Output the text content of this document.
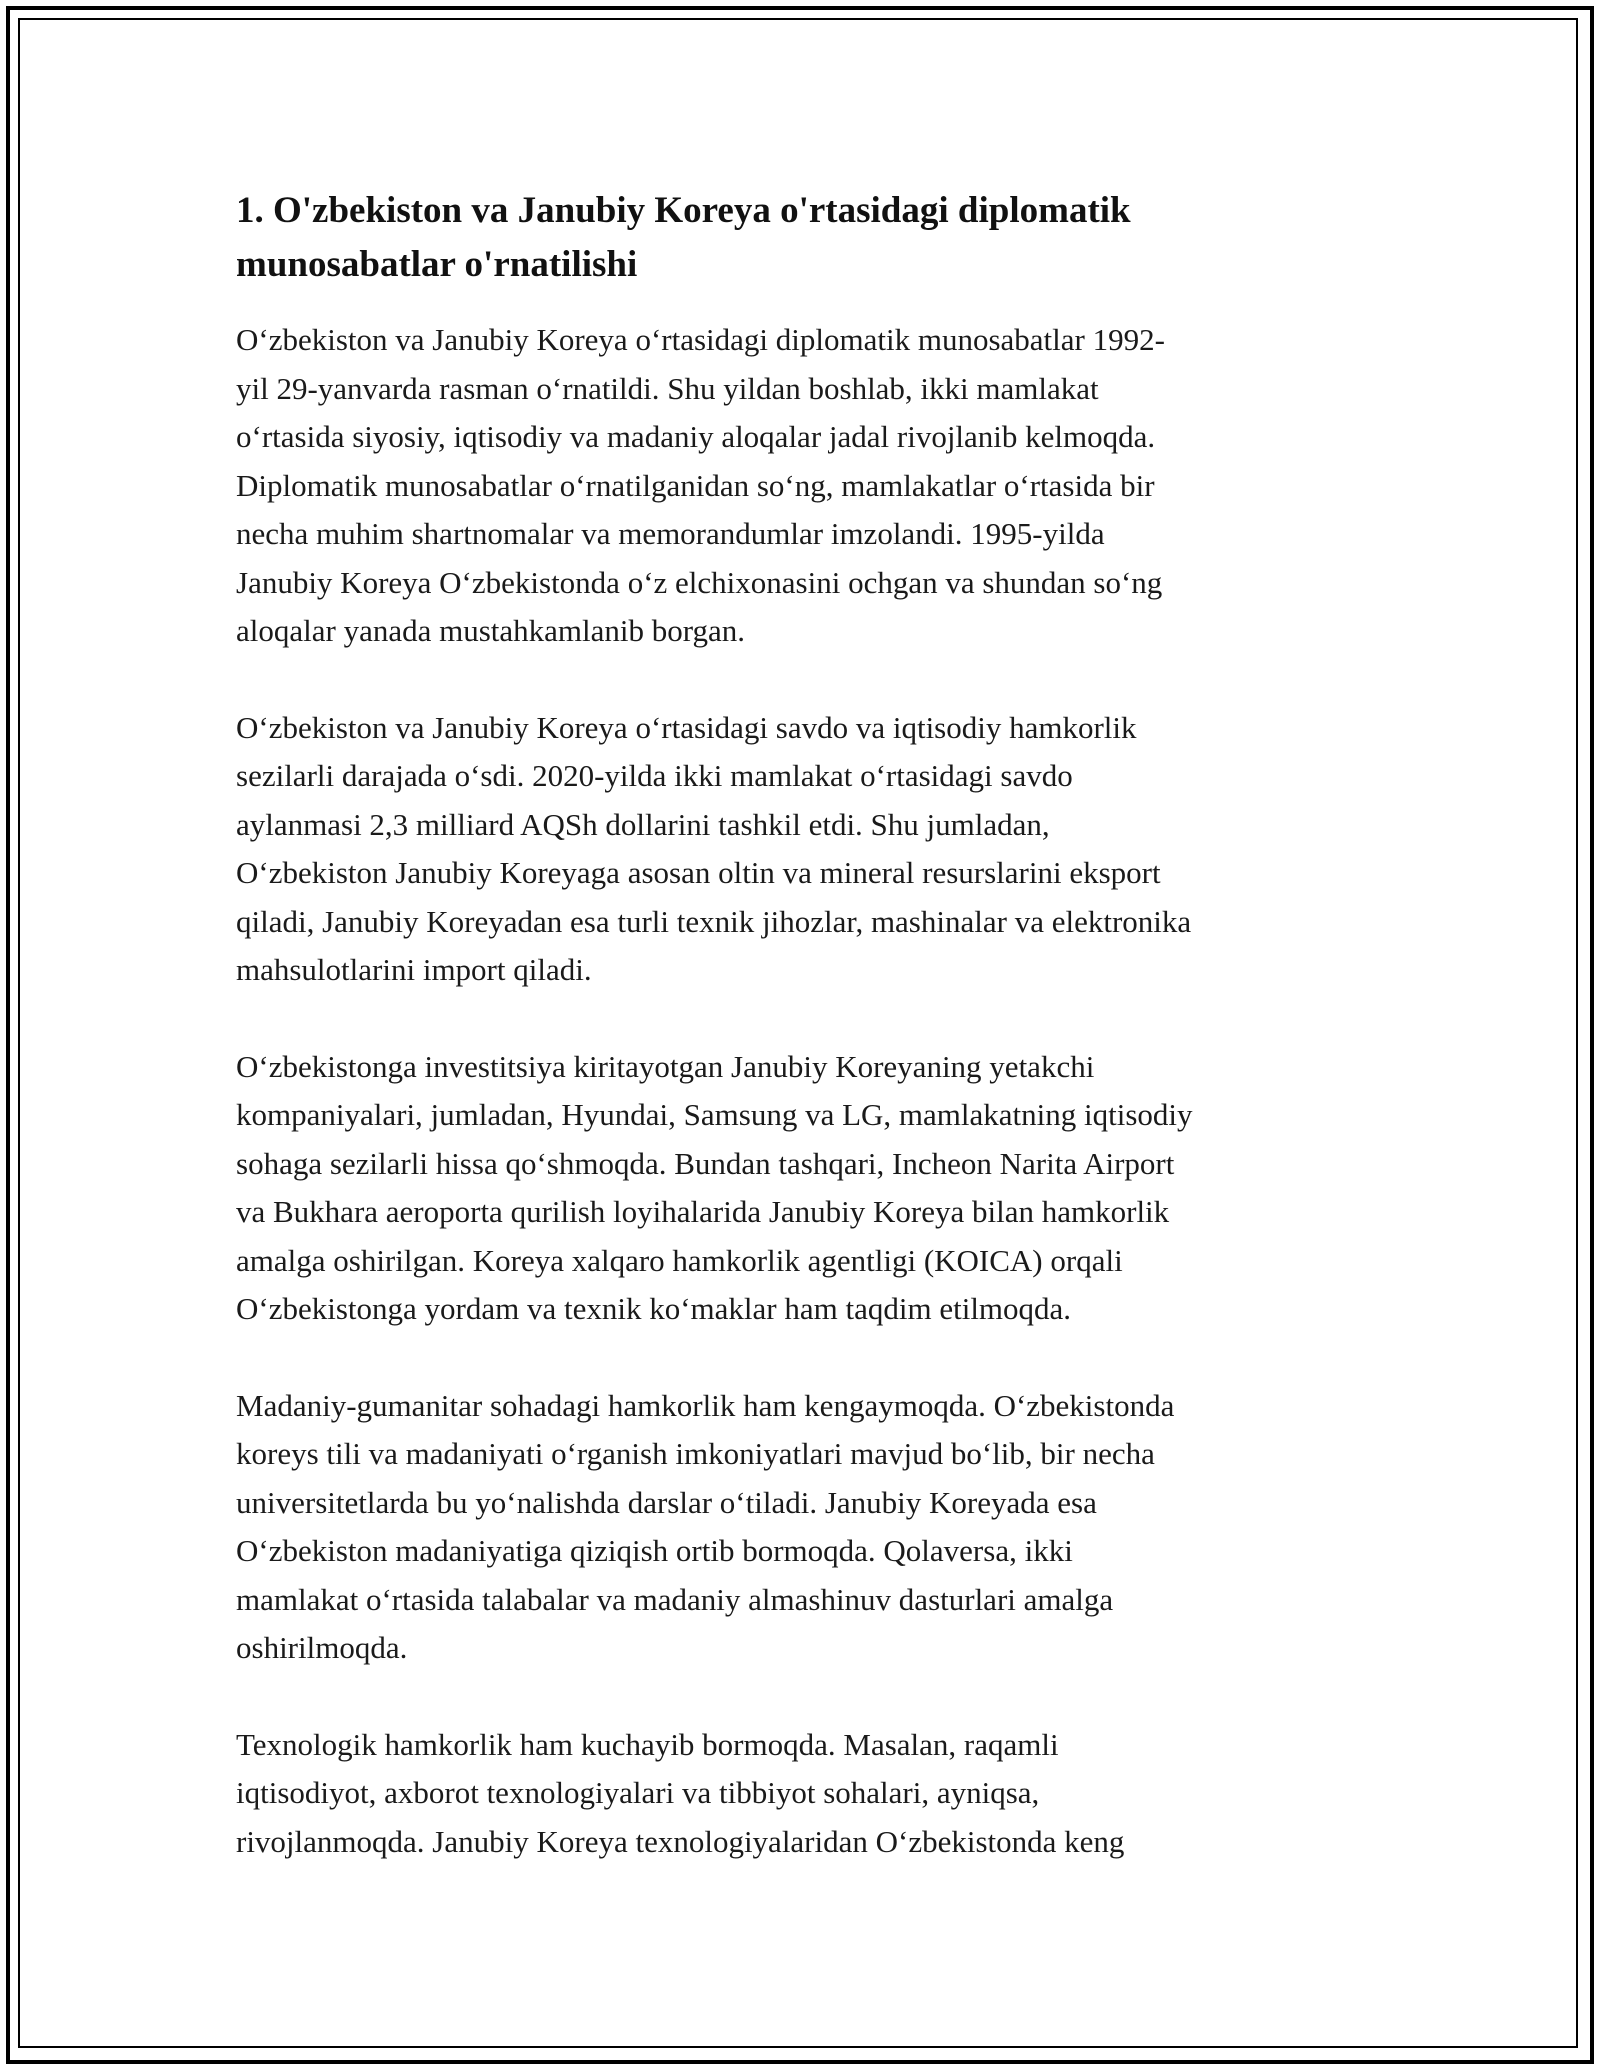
1. O'zbekiston va Janubiy Koreya o'rtasidagi diplomatik
munosabatlar o'rnatilishi

O‘zbekiston va Janubiy Koreya o‘rtasidagi diplomatik munosabatlar 1992-
yil 29-yanvarda rasman o‘rnatildi. Shu yildan boshlab, ikki mamlakat
o‘rtasida siyosiy, iqtisodiy va madaniy aloqalar jadal rivojlanib kelmoqda.
Diplomatik munosabatlar o‘rnatilganidan so‘ng, mamlakatlar o‘rtasida bir
necha muhim shartnomalar va memorandumlar imzolandi. 1995-yilda
Janubiy Koreya O‘zbekistonda o‘z elchixonasini ochgan va shundan so‘ng
aloqalar yanada mustahkamlanib borgan.

O‘zbekiston va Janubiy Koreya o‘rtasidagi savdo va iqtisodiy hamkorlik
sezilarli darajada o‘sdi. 2020-yilda ikki mamlakat o‘rtasidagi savdo
aylanmasi 2,3 milliard AQSh dollarini tashkil etdi. Shu jumladan,
O‘zbekiston Janubiy Koreyaga asosan oltin va mineral resurslarini eksport
qiladi, Janubiy Koreyadan esa turli texnik jihozlar, mashinalar va elektronika
mahsulotlarini import qiladi.

O‘zbekistonga investitsiya kiritayotgan Janubiy Koreyaning yetakchi
kompaniyalari, jumladan, Hyundai, Samsung va LG, mamlakatning iqtisodiy
sohaga sezilarli hissa qo‘shmoqda. Bundan tashqari, Incheon Narita Airport
va Bukhara aeroporta qurilish loyihalarida Janubiy Koreya bilan hamkorlik
amalga oshirilgan. Koreya xalqaro hamkorlik agentligi (KOICA) orqali
O‘zbekistonga yordam va texnik ko‘maklar ham taqdim etilmoqda.

Madaniy-gumanitar sohadagi hamkorlik ham kengaymoqda. O‘zbekistonda
koreys tili va madaniyati o‘rganish imkoniyatlari mavjud bo‘lib, bir necha
universitetlarda bu yo‘nalishda darslar o‘tiladi. Janubiy Koreyada esa
O‘zbekiston madaniyatiga qiziqish ortib bormoqda. Qolaversa, ikki
mamlakat o‘rtasida talabalar va madaniy almashinuv dasturlari amalga
oshirilmoqda.

Texnologik hamkorlik ham kuchayib bormoqda. Masalan, raqamli
iqtisodiyot, axborot texnologiyalari va tibbiyot sohalari, ayniqsa,
rivojlanmoqda. Janubiy Koreya texnologiyalaridan O‘zbekistonda keng
